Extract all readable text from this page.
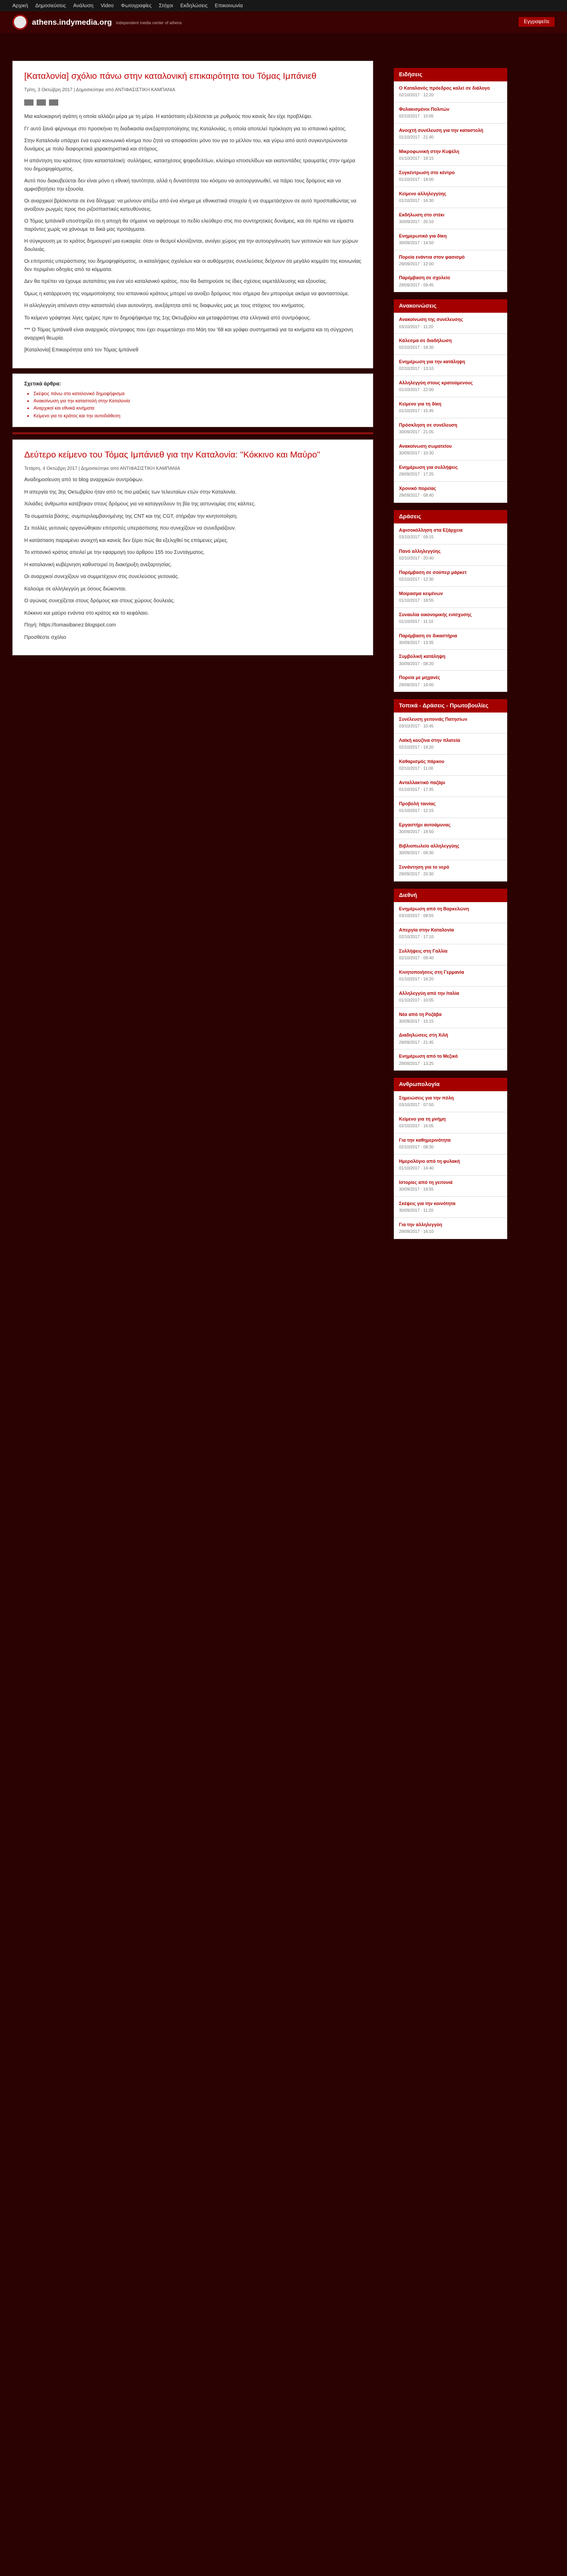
Αρχική Δημοσιεύσεις Ανάλυση Video Φωτογραφίες Στόχοι Εκδηλώσεις Επικοινωνία
athens.indymedia.org independent media center of athens	Εγγραφείτε
[Καταλονία] σχόλιο πάνω στην καταλονική επικαιρότητα του Τόμας Ιμπάνιεθ
Τρίτη, 3 Οκτώβρη 2017 | Δημοσιεύτηκε από ΑΝΤΙΦΑΣΙΣΤΙΚΗ ΚΑΜΠΑΝΙΑ

Μια καλοκαιρινή αγάπη η οποία αλλάζει μέρα με τη μέρα. Η κατάσταση εξελίσσεται με ρυθμούς που κανείς δεν είχε προβλέψει.

Γι' αυτό ξανά φέρνουμε στο προσκήνιο τη διαδικασία ανεξαρτητοποίησης της Καταλονίας, η οποία αποτελεί πρόκληση για το ισπανικό κράτος.

Στην Καταλονία υπάρχει ένα ευρύ κοινωνικό κίνημα που ζητά να αποφασίσει μόνο του για το μέλλον του, και γύρω από αυτό συγκεντρώνονται δυνάμεις με πολύ διαφορετικά χαρακτηριστικά και στόχους.

Η απάντηση του κράτους ήταν κατασταλτική: συλλήψεις, κατασχέσεις ψηφοδελτίων, κλείσιμο ιστοσελίδων και εκατοντάδες τραυματίες στην ημέρα του δημοψηφίσματος.

Αυτό που διακυβεύεται δεν είναι μόνο η εθνική ταυτότητα, αλλά η δυνατότητα του κόσμου να αυτοοργανωθεί, να πάρει τους δρόμους και να αμφισβητήσει την εξουσία.

Οι αναρχικοί βρίσκονται σε ένα δίλημμα: να μείνουν απέξω από ένα κίνημα με εθνικιστικά στοιχεία ή να συμμετάσχουν σε αυτό προσπαθώντας να ανοίξουν ρωγμές προς πιο ριζοσπαστικές κατευθύνσεις.

Ο Τόμας Ιμπάνιεθ υποστηρίζει ότι η αποχή θα σήμαινε να αφήσουμε το πεδίο ελεύθερο στις πιο συντηρητικές δυνάμεις, και ότι πρέπει να είμαστε παρόντες χωρίς να χάνουμε τα δικά μας προτάγματα.

Η σύγκρουση με το κράτος δημιουργεί μια ευκαιρία: όταν οι θεσμοί κλονίζονται, ανοίγει χώρος για την αυτοοργάνωση των γειτονιών και των χώρων δουλειάς.

Οι επιτροπές υπεράσπισης του δημοψηφίσματος, οι καταλήψεις σχολείων και οι αυθόρμητες συνελεύσεις δείχνουν ότι μεγάλο κομμάτι της κοινωνίας δεν περιμένει οδηγίες από τα κόμματα.

Δεν θα πρέπει να έχουμε αυταπάτες για ένα νέο καταλανικό κράτος, που θα διατηρούσε τις ίδιες σχέσεις εκμετάλλευσης και εξουσίας.

Όμως η κατάρρευση της νομιμοποίησης του ισπανικού κράτους μπορεί να ανοίξει δρόμους που σήμερα δεν μπορούμε ακόμα να φανταστούμε.

Η αλληλεγγύη απέναντι στην καταστολή είναι αυτονόητη, ανεξάρτητα από τις διαφωνίες μας με τους στόχους του κινήματος.

Το κείμενο γράφτηκε λίγες ημέρες πριν το δημοψήφισμα της 1ης Οκτωβρίου και μεταφράστηκε στα ελληνικά από συντρόφους.

*** Ο Τόμας Ιμπάνιεθ είναι αναρχικός σύντροφος που έχει συμμετάσχει στο Μάη του '68 και γράφει συστηματικά για τα κινήματα και τη σύγχρονη αναρχική θεωρία.

[Καταλονία] Επικαιρότητα από τον Τόμας Ιμπάνιεθ

Σχετικά άρθρα:
• Σκέψεις πάνω στο καταλονικό δημοψήφισμα
• Ανακοίνωση για την καταστολή στην Καταλονία
• Αναρχικοί και εθνικά κινήματα
• Κείμενο για το κράτος και την αυτοδιάθεση
Δεύτερο κείμενο του Τόμας Ιμπάνιεθ για την Καταλονία: "Κόκκινο και Μαύρο"
Τετάρτη, 4 Οκτώβρη 2017 | Δημοσιεύτηκε από ΑΝΤΙΦΑΣΙΣΤΙΚΗ ΚΑΜΠΑΝΙΑ

Αναδημοσίευση από το blog αναρχικών συντρόφων.

Η απεργία της 3ης Οκτωβρίου ήταν από τις πιο μαζικές των τελευταίων ετών στην Καταλονία.

Χιλιάδες άνθρωποι κατέβηκαν στους δρόμους για να καταγγείλουν τη βία της αστυνομίας στις κάλπες.

Τα σωματεία βάσης, συμπεριλαμβανομένης της CNT και της CGT, στήριξαν την κινητοποίηση.

Σε πολλές γειτονιές οργανώθηκαν επιτροπές υπεράσπισης που συνεχίζουν να συνεδριάζουν.

Η κατάσταση παραμένει ανοιχτή και κανείς δεν ξέρει πώς θα εξελιχθεί τις επόμενες μέρες.

Το ισπανικό κράτος απειλεί με την εφαρμογή του άρθρου 155 του Συντάγματος.

Η καταλανική κυβέρνηση καθυστερεί τη διακήρυξη ανεξαρτησίας.

Οι αναρχικοί συνεχίζουν να συμμετέχουν στις συνελεύσεις γειτονιάς.

Καλούμε σε αλληλεγγύη με όσους διώκονται.

Ο αγώνας συνεχίζεται στους δρόμους και στους χώρους δουλειάς.

Κόκκινο και μαύρο ενάντια στο κράτος και το κεφάλαιο.

Πηγή: https://tomasibanez.blogspot.com

Προσθέστε σχόλιο

Ειδήσεις
Ο Καταλανός πρόεδρος καλεί σε διάλογο
02/10/2017 · 12:20
Φυλακισμένοι Πολιτών
02/10/2017 · 10:05
Ανοιχτή συνέλευση για την καταστολή
01/10/2017 · 21:40
Μικροφωνική στην Κυψέλη
01/10/2017 · 19:15
Συγκέντρωση στο κέντρο
01/10/2017 · 18:00
Κείμενο αλληλεγγύης
01/10/2017 · 16:30
Εκδήλωση στο στέκι
30/09/2017 · 20:10
Ενημερωτικό για δίκη
30/09/2017 · 14:50
Πορεία ενάντια στον φασισμό
29/09/2017 · 12:00
Παρέμβαση σε σχολείο
29/09/2017 · 09:45
Ανακοινώσεις
Ανακοίνωση της συνέλευσης
03/10/2017 · 11:20
Κάλεσμα σε διαδήλωση
02/10/2017 · 18:30
Ενημέρωση για την κατάληψη
02/10/2017 · 13:10
Αλληλεγγύη στους κρατούμενους
01/10/2017 · 22:00
Κείμενο για τη δίκη
01/10/2017 · 15:45
Πρόσκληση σε συνέλευση
30/09/2017 · 21:05
Ανακοίνωση σωματείου
30/09/2017 · 10:30
Ενημέρωση για συλλήψεις
29/09/2017 · 17:25
Χρονικό πορείας
29/09/2017 · 08:40
Δράσεις
Αφισοκόλληση στα Εξάρχεια
03/10/2017 · 09:15
Πανό αλληλεγγύης
02/10/2017 · 20:40
Παρέμβαση σε σούπερ μάρκετ
02/10/2017 · 12:30
Μοίρασμα κειμένων
01/10/2017 · 18:55
Συναυλία οικονομικής ενίσχυσης
01/10/2017 · 11:10
Παρέμβαση σε δικαστήρια
30/09/2017 · 13:35
Συμβολική κατάληψη
30/09/2017 · 08:20
Πορεία με μηχανές
29/09/2017 · 19:00
Τοπικά - Δράσεις - Πρωτοβουλίες
Συνέλευση γειτονιάς Πατησίων
03/10/2017 · 10:45
Λαϊκή κουζίνα στην πλατεία
02/10/2017 · 19:20
Καθαρισμός πάρκου
02/10/2017 · 11:00
Ανταλλακτικό παζάρι
01/10/2017 · 17:35
Προβολή ταινίας
01/10/2017 · 12:15
Εργαστήρι αυτοάμυνας
30/09/2017 · 18:50
Βιβλιοπωλείο αλληλεγγύης
30/09/2017 · 09:30
Συνάντηση για το νερό
29/09/2017 · 20:30
Διεθνή
Ενημέρωση από τη Βαρκελώνη
03/10/2017 · 08:55
Απεργία στην Καταλονία
02/10/2017 · 17:10
Συλλήψεις στη Γαλλία
02/10/2017 · 09:40
Κινητοποιήσεις στη Γερμανία
01/10/2017 · 16:20
Αλληλεγγύη από την Ιταλία
01/10/2017 · 10:05
Νέα από τη Ροζάβα
30/09/2017 · 15:15
Διαδηλώσεις στη Χιλή
29/09/2017 · 21:45
Ενημέρωση από το Μεξικό
29/09/2017 · 13:25
Ανθρωπολογία
Σημειώσεις για την πόλη
03/10/2017 · 07:50
Κείμενο για τη μνήμη
02/10/2017 · 16:05
Για την καθημερινότητα
02/10/2017 · 08:30
Ημερολόγιο από τη φυλακή
01/10/2017 · 14:40
Ιστορίες από τη γειτονιά
30/09/2017 · 19:55
Σκέψεις για την κοινότητα
30/09/2017 · 11:20
Για την αλληλεγγύη
29/09/2017 · 16:10
